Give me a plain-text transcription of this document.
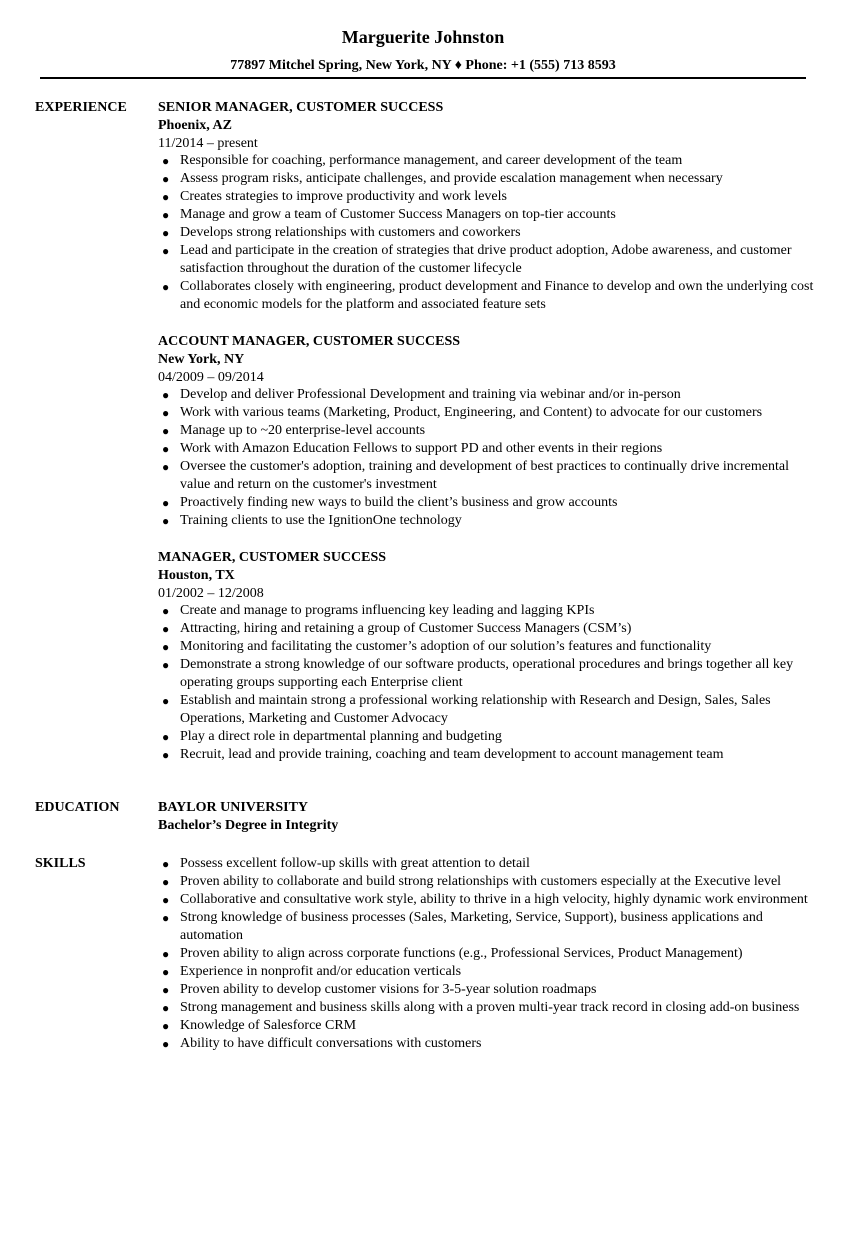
Marguerite Johnston
77897 Mitchel Spring, New York, NY ♦ Phone: +1 (555) 713 8593
EXPERIENCE	SENIOR MANAGER, CUSTOMER SUCCESS
Phoenix, AZ
11/2014 – present
● Responsible for coaching, performance management, and career development of the team
● Assess program risks, anticipate challenges, and provide escalation management when necessary
● Creates strategies to improve productivity and work levels
● Manage and grow a team of Customer Success Managers on top-tier accounts
● Develops strong relationships with customers and coworkers
● Lead and participate in the creation of strategies that drive product adoption, Adobe awareness, and customer satisfaction throughout the duration of the customer lifecycle
● Collaborates closely with engineering, product development and Finance to develop and own the underlying cost and economic models for the platform and associated feature sets
ACCOUNT MANAGER, CUSTOMER SUCCESS
New York, NY
04/2009 – 09/2014
● Develop and deliver Professional Development and training via webinar and/or in-person
● Work with various teams (Marketing, Product, Engineering, and Content) to advocate for our customers
● Manage up to ~20 enterprise-level accounts
● Work with Amazon Education Fellows to support PD and other events in their regions
● Oversee the customer's adoption, training and development of best practices to continually drive incremental value and return on the customer's investment
● Proactively finding new ways to build the client’s business and grow accounts
● Training clients to use the IgnitionOne technology
MANAGER, CUSTOMER SUCCESS
Houston, TX
01/2002 – 12/2008
● Create and manage to programs influencing key leading and lagging KPIs
● Attracting, hiring and retaining a group of Customer Success Managers (CSM’s)
● Monitoring and facilitating the customer’s adoption of our solution’s features and functionality
● Demonstrate a strong knowledge of our software products, operational procedures and brings together all key operating groups supporting each Enterprise client
● Establish and maintain strong a professional working relationship with Research and Design, Sales, Sales Operations, Marketing and Customer Advocacy
● Play a direct role in departmental planning and budgeting
● Recruit, lead and provide training, coaching and team development to account management team
EDUCATION	BAYLOR UNIVERSITY
Bachelor’s Degree in Integrity
SKILLS	● Possess excellent follow-up skills with great attention to detail
● Proven ability to collaborate and build strong relationships with customers especially at the Executive level
● Collaborative and consultative work style, ability to thrive in a high velocity, highly dynamic work environment
● Strong knowledge of business processes (Sales, Marketing, Service, Support), business applications and automation
● Proven ability to align across corporate functions (e.g., Professional Services, Product Management)
● Experience in nonprofit and/or education verticals
● Proven ability to develop customer visions for 3-5-year solution roadmaps
● Strong management and business skills along with a proven multi-year track record in closing add-on business
● Knowledge of Salesforce CRM
● Ability to have difficult conversations with customers
